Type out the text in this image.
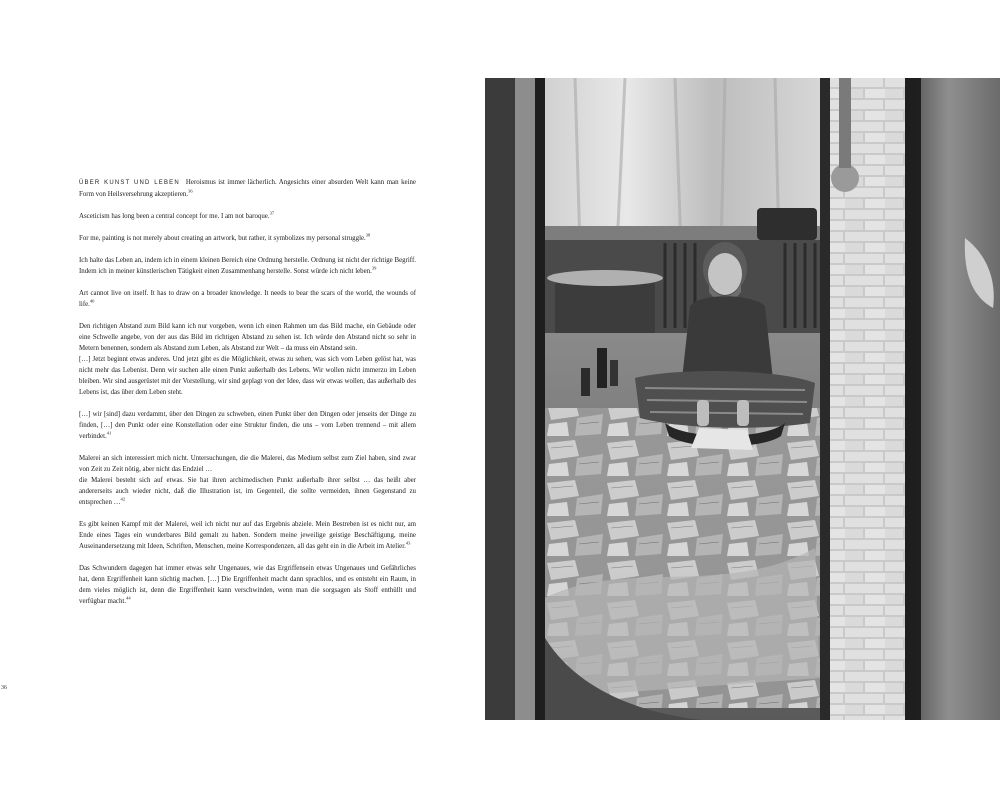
ÜBER KUNST UND LEBEN Heroismus ist immer lächerlich. Angesichts einer absurden Welt kann man keine Form von Heilsversehrung akzeptieren.$^{36}$

Asceticism has long been a central concept for me. I am not baroque.$^{37}$

For me, painting is not merely about creating an artwork, but rather, it symbolizes my personal struggle.$^{38}$

Ich halte das Leben an, indem ich in einem kleinen Bereich eine Ordnung herstelle. Ordnung ist nicht der richtige Begriff. Indem ich in meiner künstlerischen Tätigkeit einen Zusammenhang herstelle. Sonst würde ich nicht leben.$^{39}$

Art cannot live on itself. It has to draw on a broader knowledge. It needs to bear the scars of the world, the wounds of life.$^{40}$

Den richtigen Abstand zum Bild kann ich nur vorgeben, wenn ich einen Rahmen um das Bild mache, ein Gebäude oder eine Schwelle angebe, von der aus das Bild im richtigen Abstand zu sehen ist. Ich würde den Abstand nicht so sehr in Metern benennen, sondern als Abstand zum Leben, als Abstand zur Welt – da muss ein Abstand sein.

[…] Jetzt beginnt etwas anderes. Und jetzt gibt es die Möglichkeit, etwas zu sehen, was sich vom Leben gelöst hat, was nicht mehr das Lebenist. Denn wir suchen alle einen Punkt außerhalb des Lebens. Wir wollen nicht immerzu im Leben bleiben. Wir sind ausgerüstet mit der Vorstellung, wir sind geplagt von der Idee, dass wir etwas wollen, das außerhalb des Lebens ist, das über dem Leben steht.

[…] wir [sind] dazu verdammt, über den Dingen zu schweben, einen Punkt über den Dingen oder jenseits der Dinge zu finden, […] den Punkt oder eine Konstellation oder eine Struktur finden, die uns – vom Leben trennend – mit allem verbindet.$^{41}$

Malerei an sich interessiert mich nicht. Untersuchungen, die die Malerei, das Medium selbst zum Ziel haben, sind zwar von Zeit zu Zeit nötig, aber nicht das Endziel …

die Malerei besteht sich auf etwas. Sie hat ihren archimedischen Punkt außerhalb ihrer selbst … das heißt aber andererseits auch wieder nicht, daß die Illustration ist, im Gegenteil, die sollte vermeiden, ihnen Gegenstand zu entsprechen …$^{42}$

Es gibt keinen Kampf mit der Malerei, weil ich nicht nur auf das Ergebnis abziele. Mein Bestreben ist es nicht nur, am Ende eines Tages ein wunderbares Bild gemalt zu haben. Sondern meine jeweilige geistige Beschäftigung, meine Auseinandersetzung mit Ideen, Schriften, Menschen, meine Korrespondenzen, all das geht ein in die Arbeit im Atelier.$^{43}$

Das Schwundern dagegen hat immer etwas sehr Ungenaues, wie das Ergriffensein etwas Ungenaues und Gefährliches hat, denn Ergriffenheit kann süchtig machen. […] Die Ergriffenheit macht dann sprachlos, und es entsteht ein Raum, in dem vieles möglich ist, denn die Ergriffenheit kann verschwinden, wenn man die sorgsagen als Stoff enthüllt und verfügbar macht.$^{44}$

36
